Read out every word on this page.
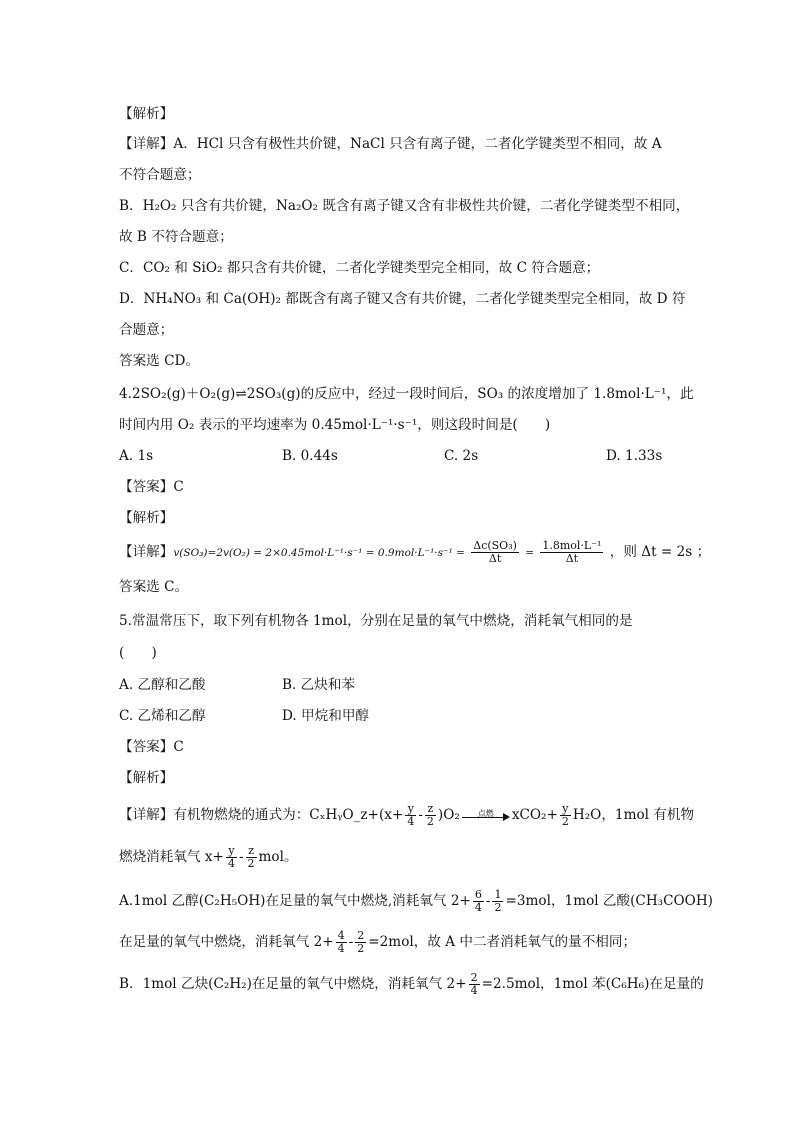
【解析】
【详解】A．HCl 只含有极性共价键，NaCl 只含有离子键，二者化学键类型不相同，故 A
不符合题意；
B．H₂O₂ 只含有共价键，Na₂O₂ 既含有离子键又含有非极性共价键，二者化学键类型不相同，
故 B 不符合题意；
C．CO₂ 和 SiO₂ 都只含有共价键，二者化学键类型完全相同，故 C 符合题意；
D．NH₄NO₃ 和 Ca(OH)₂ 都既含有离子键又含有共价键，二者化学键类型完全相同，故 D 符
合题意；
答案选 CD。
4.2SO₂(g)＋O₂(g)⇌2SO₃(g)的反应中，经过一段时间后，SO₃ 的浓度增加了 1.8mol·L⁻¹，此
时间内用 O₂ 表示的平均速率为 0.45mol·L⁻¹·s⁻¹，则这段时间是(　　)
A. 1s	B. 0.44s	C. 2s	D. 1.33s
【答案】C
【解析】
【详解】$v(SO_3)=2v(O_2) = 2\times 0.45mol\cdot L^{-1}\cdot s^{-1} = 0.9mol\cdot L^{-1}\cdot s^{-1} = \frac{\text{Δc(SO₃)}}{\Delta t} = \frac{\text{1.8mol·L⁻¹}}{\Delta t}$ ，则 Δt = 2s ；
答案选 C。
5.常温常压下，取下列有机物各 1mol，分别在足量的氧气中燃烧，消耗氧气相同的是
(　　)
A. 乙醇和乙酸	B. 乙炔和苯
C. 乙烯和乙醇	D. 甲烷和甲醇
【答案】C
【解析】
【详解】有机物燃烧的通式为：CₓHᵧO_z+(x+ $\frac{y}{4} - \frac{z}{2} )O_2$	点燃	$xCO_2+ \frac{y}{2} H_2O$，1mol 有机物
燃烧消耗氧气 $x+ \frac{y}{4} - \frac{z}{2}$ mol。
A.1mol 乙醇(C₂H₅OH)在足量的氧气中燃烧,消耗氧气 $2+ \frac{6}{4} - \frac{1}{2} =3mol$，1mol 乙酸(CH₃COOH)
在足量的氧气中燃烧，消耗氧气 $2+ \frac{4}{4} - \frac{2}{2} =2mol$，故 A 中二者消耗氧气的量不相同；
B．1mol 乙炔(C₂H₂)在足量的氧气中燃烧，消耗氧气 $2+ \frac{2}{4} =2.5mol$，1mol 苯(C₆H₆)在足量的
